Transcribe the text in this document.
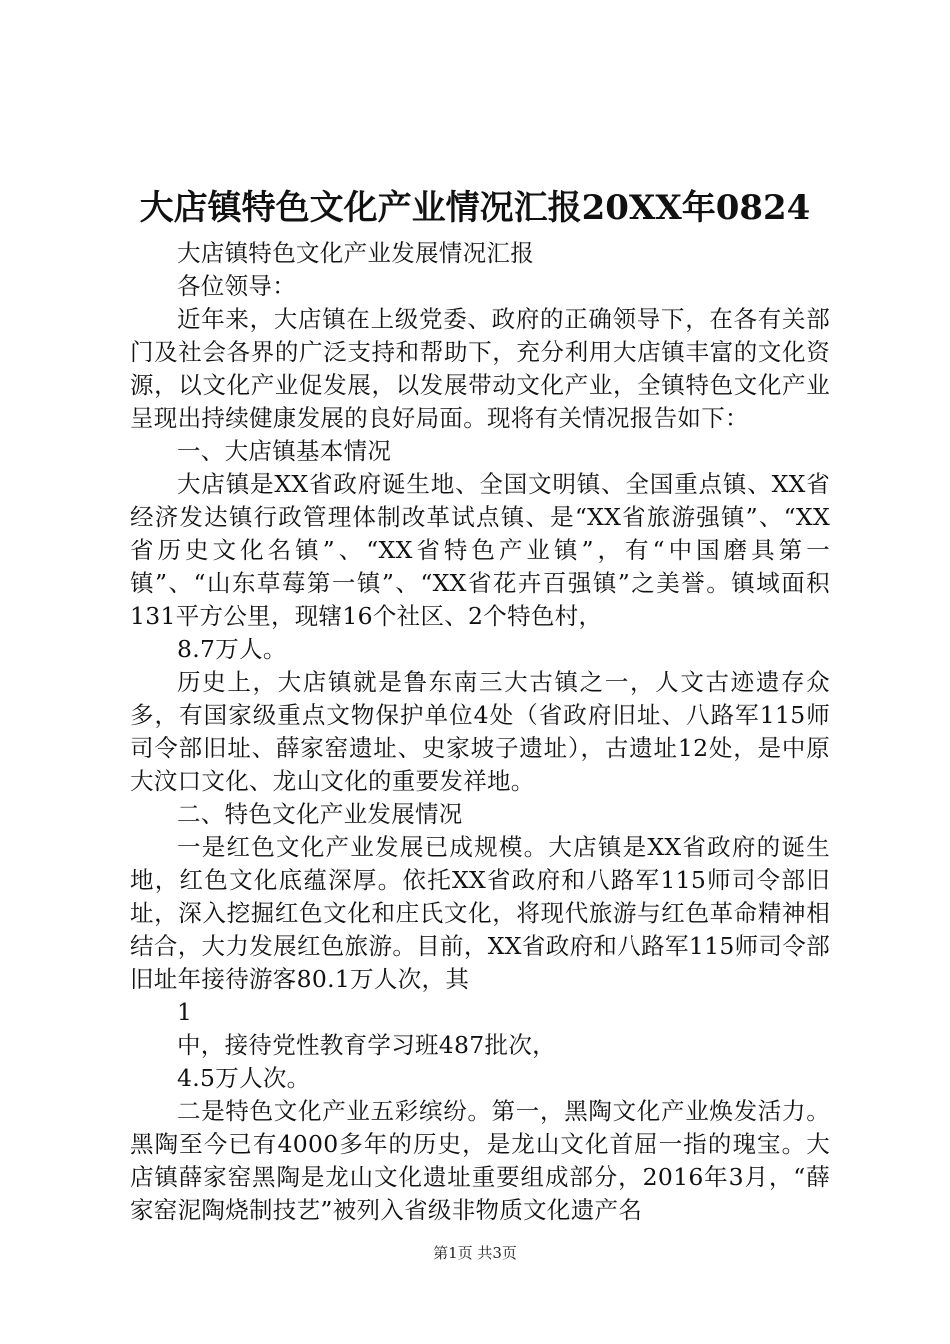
大店镇特色文化产业情况汇报20XX年0824

大店镇特色文化产业发展情况汇报

各位领导：

近年来，大店镇在上级党委、政府的正确领导下，在各有关部门及社会各界的广泛支持和帮助下，充分利用大店镇丰富的文化资源，以文化产业促发展，以发展带动文化产业，全镇特色文化产业呈现出持续健康发展的良好局面。现将有关情况报告如下：

一、大店镇基本情况

大店镇是XX省政府诞生地、全国文明镇、全国重点镇、XX省经济发达镇行政管理体制改革试点镇、是“XX省旅游强镇”、“XX省历史文化名镇”、“XX省特色产业镇”，有“中国磨具第一镇”、“山东草莓第一镇”、“XX省花卉百强镇”之美誉。镇域面积131平方公里，现辖16个社区、2个特色村，

8.7万人。

历史上，大店镇就是鲁东南三大古镇之一，人文古迹遗存众多，有国家级重点文物保护单位4处（省政府旧址、八路军115师司令部旧址、薛家窑遗址、史家坡子遗址），古遗址12处，是中原大汶口文化、龙山文化的重要发祥地。

二、特色文化产业发展情况

一是红色文化产业发展已成规模。大店镇是XX省政府的诞生地，红色文化底蕴深厚。依托XX省政府和八路军115师司令部旧址，深入挖掘红色文化和庄氏文化，将现代旅游与红色革命精神相结合，大力发展红色旅游。目前，XX省政府和八路军115师司令部旧址年接待游客80.1万人次，其

1

中，接待党性教育学习班487批次，

4.5万人次。

二是特色文化产业五彩缤纷。第一，黑陶文化产业焕发活力。黑陶至今已有4000多年的历史，是龙山文化首屈一指的瑰宝。大店镇薛家窑黑陶是龙山文化遗址重要组成部分，2016年3月，“薛家窑泥陶烧制技艺”被列入省级非物质文化遗产名

第1页 共3页
